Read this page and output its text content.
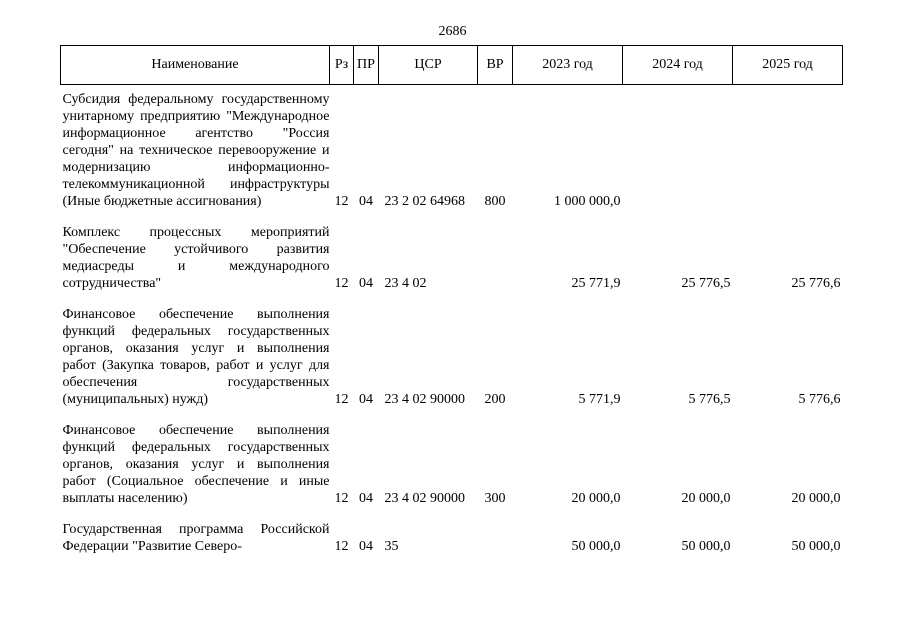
2686
Наименование	Рз	ПР	ЦСР	ВР	2023 год	2024 год	2025 год

Субсидия федеральному государственному унитарному предприятию "Международное информационное агентство "Россия сегодня" на техническое перевооружение и модернизацию информационно-телекоммуникационной инфраструктуры (Иные бюджетные ассигнования)	12	04	23 2 02 64968	800	1 000 000,0		

Комплекс процессных мероприятий "Обеспечение устойчивого развития медиасреды и международного сотрудничества"	12	04	23 4 02		25 771,9	25 776,5	25 776,6

Финансовое обеспечение выполнения функций федеральных государственных органов, оказания услуг и выполнения работ (Закупка товаров, работ и услуг для обеспечения государственных (муниципальных) нужд)	12	04	23 4 02 90000	200	5 771,9	5 776,5	5 776,6

Финансовое обеспечение выполнения функций федеральных государственных органов, оказания услуг и выполнения работ (Социальное обеспечение и иные выплаты населению)	12	04	23 4 02 90000	300	20 000,0	20 000,0	20 000,0

Государственная программа Российской Федерации "Развитие Северо-	12	04	35		50 000,0	50 000,0	50 000,0
